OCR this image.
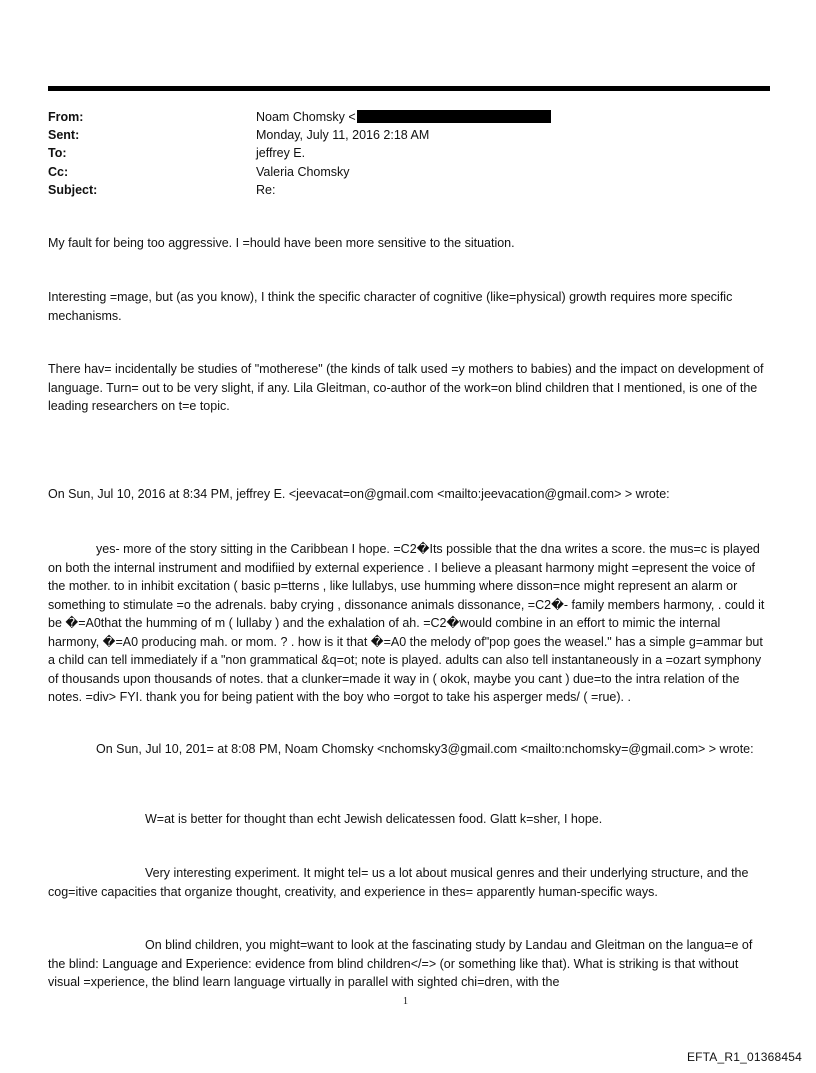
From:	Noam Chomsky <
Sent:	Monday, July 11, 2016 2:18 AM
To:	jeffrey E.
Cc:	Valeria Chomsky
Subject:	Re:

My fault for being too aggressive. I =hould have been more sensitive to the situation.

Interesting =mage, but (as you know), I think the specific character of cognitive (like=physical) growth requires more specific mechanisms.

There hav= incidentally be studies of "motherese" (the kinds of talk used =y mothers to babies) and the impact on development of language. Turn= out to be very slight, if any. Lila Gleitman, co-author of the work=on blind children that I mentioned, is one of the leading researchers on t=e topic.

On Sun, Jul 10, 2016 at 8:34 PM, jeffrey E. <jeevacat=on@gmail.com <mailto:jeevacation@gmail.com> > wrote:

yes- more of the story sitting in the Caribbean I hope. =C2�Its possible that the dna writes a score. the mus=c is played on both the internal instrument and modifiied by external experience . I believe a pleasant harmony might =epresent the voice of the mother. to in inhibit excitation ( basic p=tterns , like lullabys, use humming where disson=nce might represent an alarm or something to stimulate =o the adrenals. baby crying , dissonance animals dissonance, =C2�- family members harmony, . could it be �=A0that the humming of m ( lullaby ) and the exhalation of ah. =C2�would combine in an effort to mimic the internal harmony, �=A0 producing mah. or mom. ? . how is it that �=A0 the melody of"pop goes the weasel." has a simple g=ammar but a child can tell immediately if a "non grammatical &q=ot; note is played. adults can also tell instantaneously in a =ozart symphony of thousands upon thousands of notes. that a clunker=made it way in ( okok, maybe you cant ) due=to the intra relation of the notes. =div> FYI. thank you for being patient with the boy who =orgot to take his asperger meds/ ( =rue). .

On Sun, Jul 10, 201= at 8:08 PM, Noam Chomsky <nchomsky3@gmail.com <mailto:nchomsky=@gmail.com> > wrote:

W=at is better for thought than echt Jewish delicatessen food. Glatt k=sher, I hope.

Very interesting experiment. It might tel= us a lot about musical genres and their underlying structure, and the cog=itive capacities that organize thought, creativity, and experience in thes= apparently human-specific ways.

On blind children, you might=want to look at the fascinating study by Landau and Gleitman on the langua=e of the blind: Language and Experience: evidence from blind children</=> (or something like that). What is striking is that without visual =xperience, the blind learn language virtually in parallel with sighted chi=dren, with the

1
EFTA_R1_01368454
